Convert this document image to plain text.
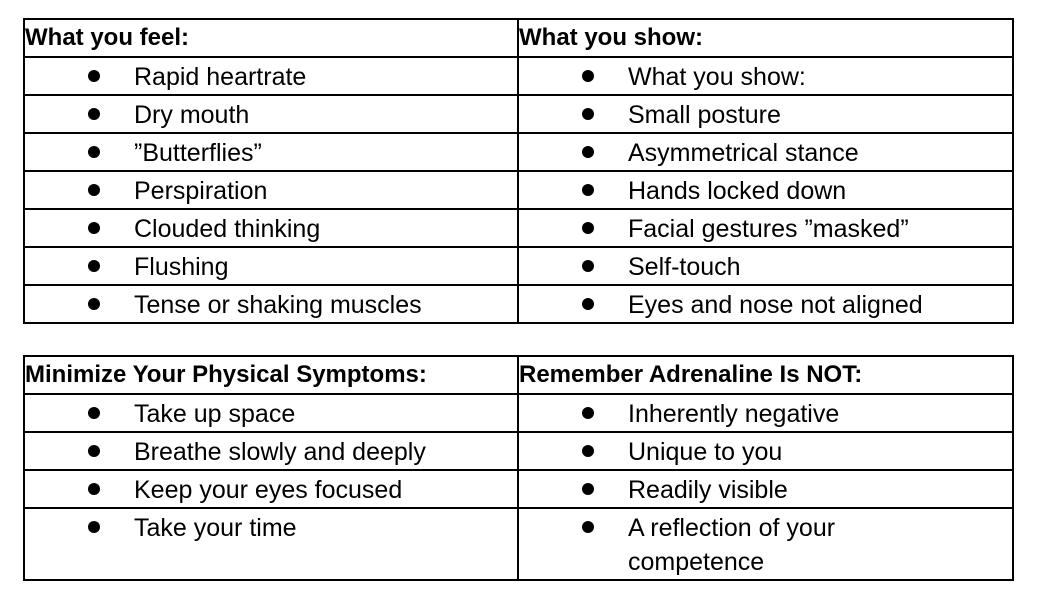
What you feel:	What you show:

Rapid heartrate	What you show:

Dry mouth	Small posture

”Butterflies”	Asymmetrical stance

Perspiration	Hands locked down

Clouded thinking	Facial gestures ”masked”

Flushing	Self-touch

Tense or shaking muscles	Eyes and nose not aligned
Minimize Your Physical Symptoms:	Remember Adrenaline Is NOT:

Take up space	Inherently negative

Breathe slowly and deeply	Unique to you

Keep your eyes focused	Readily visible

Take your time	A reflection of your competence
